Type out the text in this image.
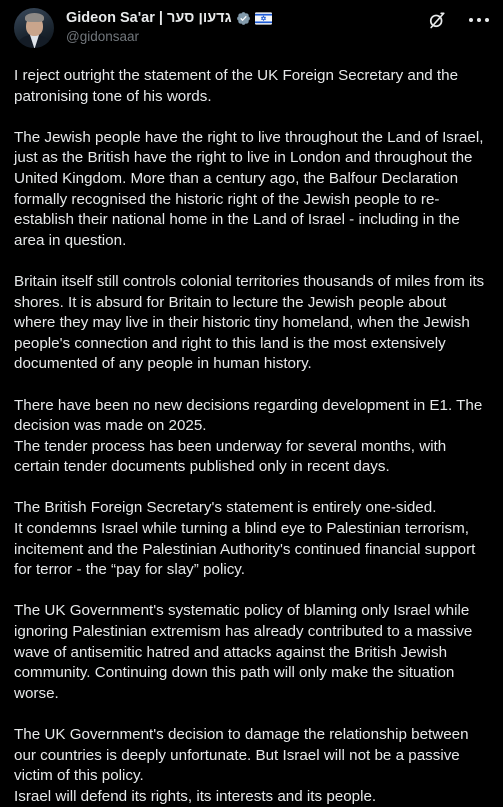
Gideon Sa'ar | גדעון סער
@gidonsaar

I reject outright the statement of the UK Foreign Secretary and the patronising tone of his words.

The Jewish people have the right to live throughout the Land of Israel, just as the British have the right to live in London and throughout the United Kingdom. More than a century ago, the Balfour Declaration formally recognised the historic right of the Jewish people to re-establish their national home in the Land of Israel - including in the area in question.

Britain itself still controls colonial territories thousands of miles from its shores. It is absurd for Britain to lecture the Jewish people about where they may live in their historic tiny homeland, when the Jewish people's connection and right to this land is the most extensively documented of any people in human history.

There have been no new decisions regarding development in E1. The decision was made on 2025.
The tender process has been underway for several months, with certain tender documents published only in recent days.

The British Foreign Secretary's statement is entirely one-sided.
It condemns Israel while turning a blind eye to Palestinian terrorism, incitement and the Palestinian Authority's continued financial support for terror - the “pay for slay” policy.

The UK Government's systematic policy of blaming only Israel while ignoring Palestinian extremism has already contributed to a massive wave of antisemitic hatred and attacks against the British Jewish community. Continuing down this path will only make the situation worse.

The UK Government's decision to damage the relationship between our countries is deeply unfortunate. But Israel will not be a passive victim of this policy.
Israel will defend its rights, its interests and its people.
